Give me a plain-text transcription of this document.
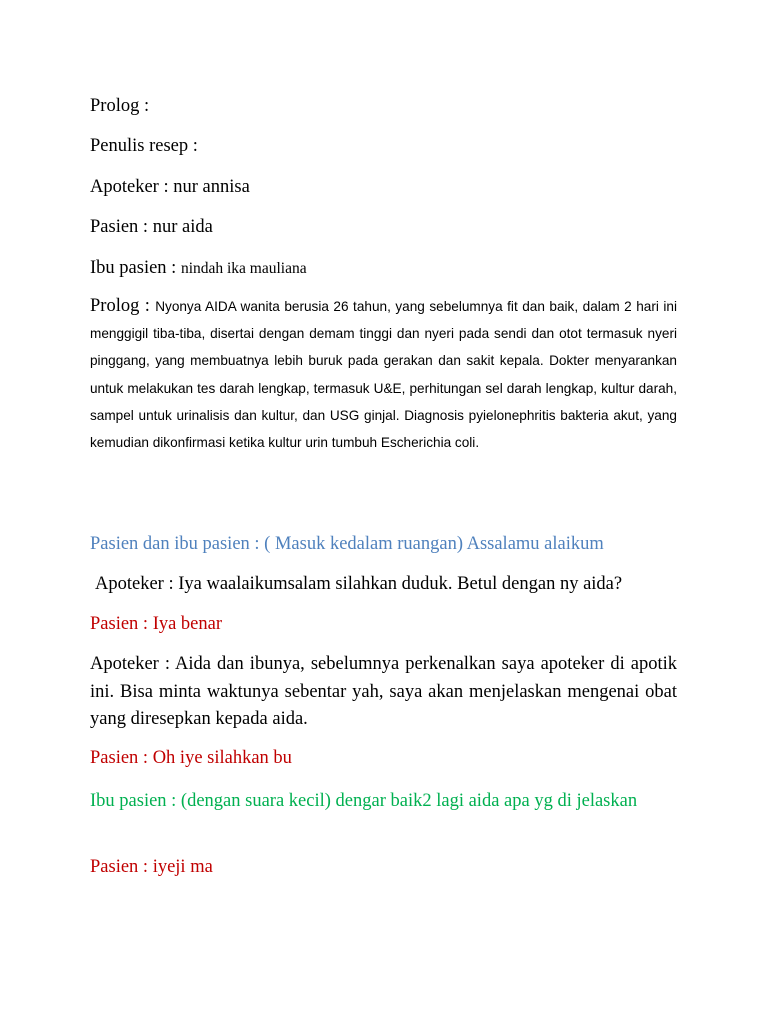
Prolog :
Penulis resep :
Apoteker : nur annisa
Pasien : nur aida
Ibu pasien : nindah ika mauliana
Prolog : Nyonya AIDA wanita berusia 26 tahun, yang sebelumnya fit dan baik, dalam 2 hari ini menggigil tiba-tiba, disertai dengan demam tinggi dan nyeri pada sendi dan otot termasuk nyeri pinggang, yang membuatnya lebih buruk pada gerakan dan sakit kepala. Dokter menyarankan untuk melakukan tes darah lengkap, termasuk U&E, perhitungan sel darah lengkap, kultur darah, sampel untuk urinalisis dan kultur, dan USG ginjal. Diagnosis pyielonephritis bakteria akut, yang kemudian dikonfirmasi ketika kultur urin tumbuh Escherichia coli.
Pasien dan ibu pasien : ( Masuk kedalam ruangan) Assalamu alaikum
Apoteker : Iya waalaikumsalam silahkan duduk. Betul dengan ny aida?
Pasien : Iya benar
Apoteker : Aida dan ibunya, sebelumnya perkenalkan saya apoteker di apotik ini. Bisa minta waktunya sebentar yah, saya akan menjelaskan mengenai obat yang diresepkan kepada aida.
Pasien : Oh iye silahkan bu
Ibu pasien : (dengan suara kecil) dengar baik2 lagi aida apa yg di jelaskan
Pasien : iyeji ma
